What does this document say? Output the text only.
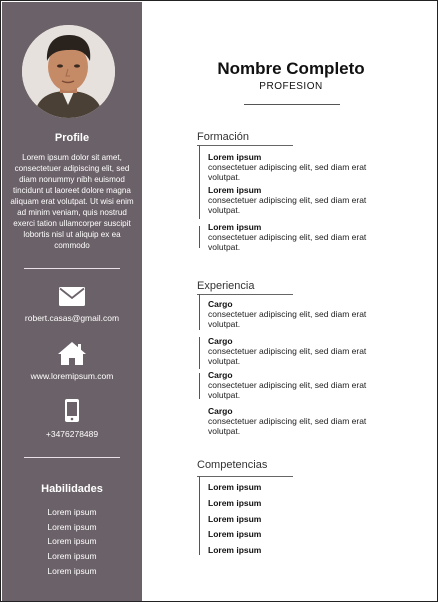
Profile
Lorem ipsum dolor sit amet, consectetuer adipiscing elit, sed diam nonummy nibh euismod tincidunt ut laoreet dolore magna aliquam erat volutpat. Ut wisi enim ad minim veniam, quis nostrud exerci tation ullamcorper suscipit lobortis nisl ut aliquip ex ea commodo
robert.casas@gmail.com
www.loremipsum.com
+3476278489
Habilidades
Lorem ipsum
Lorem ipsum
Lorem ipsum
Lorem ipsum
Lorem ipsum
Nombre Completo
PROFESION
Formación
Lorem ipsum
consectetuer adipiscing elit, sed diam erat volutpat.
Lorem ipsum
consectetuer adipiscing elit, sed diam erat volutpat.
Lorem ipsum
consectetuer adipiscing elit, sed diam erat volutpat.
Experiencia
Cargo
consectetuer adipiscing elit, sed diam erat volutpat.
Cargo
consectetuer adipiscing elit, sed diam erat volutpat.
Cargo
consectetuer adipiscing elit, sed diam erat volutpat.
Cargo
consectetuer adipiscing elit, sed diam erat volutpat.
Competencias
Lorem ipsum
Lorem ipsum
Lorem ipsum
Lorem ipsum
Lorem ipsum
